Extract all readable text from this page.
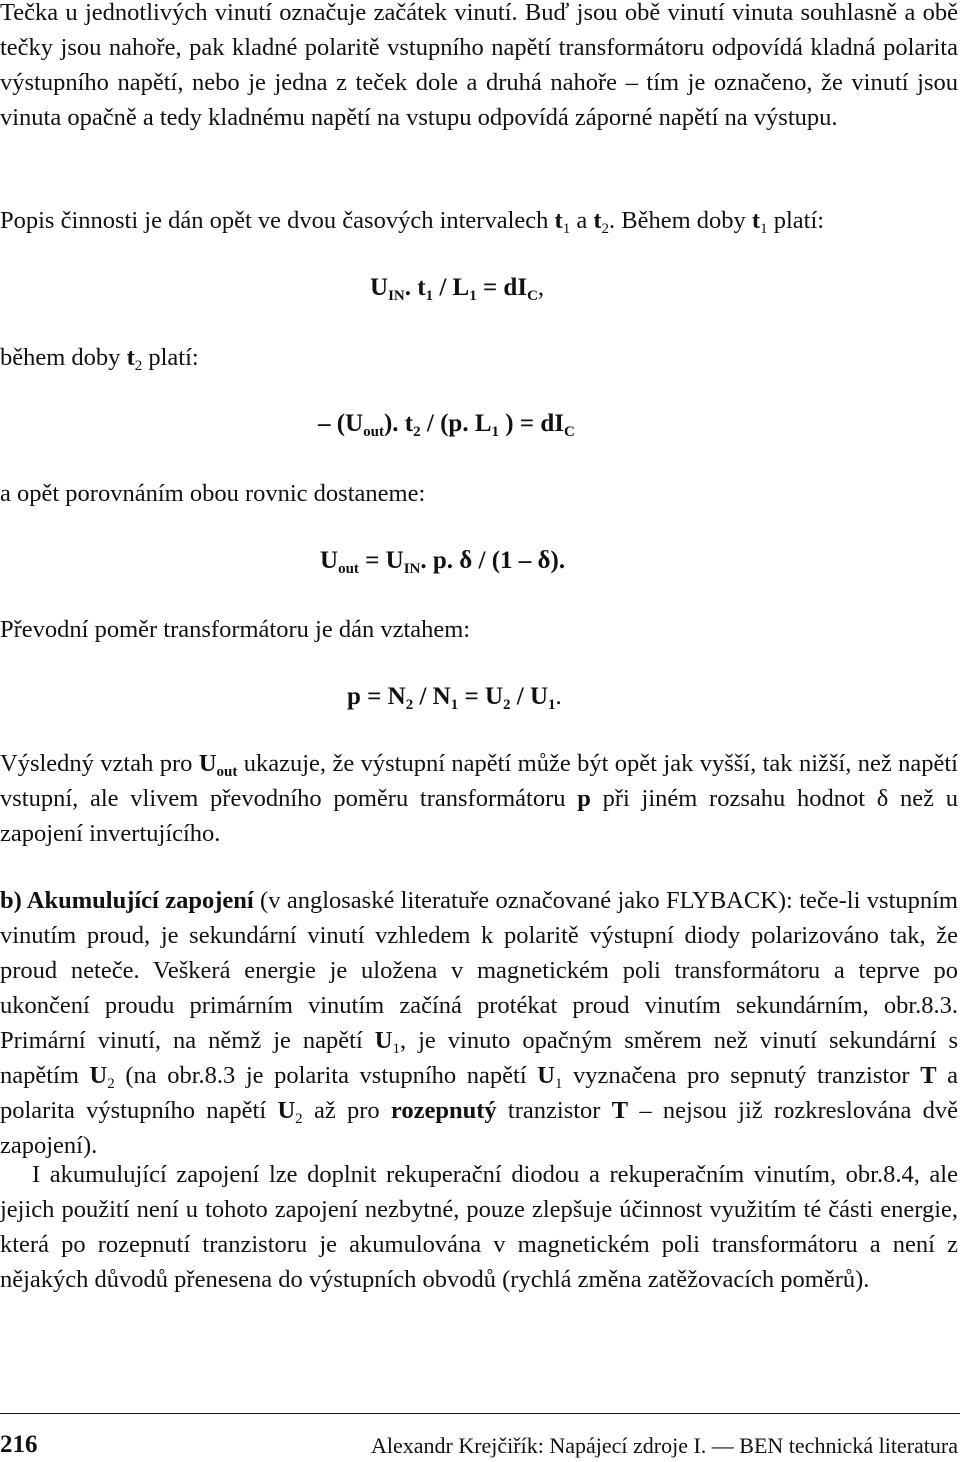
Tečka u jednotlivých vinutí označuje začátek vinutí. Buď jsou obě vinutí vinuta souhlasně a obě tečky jsou nahoře, pak kladné polaritě vstupního napětí transformátoru odpovídá kladná polarita výstupního napětí, nebo je jedna z teček dole a druhá nahoře – tím je označeno, že vinutí jsou vinuta opačně a tedy kladnému napětí na vstupu odpovídá záporné napětí na výstupu.

Popis činnosti je dán opět ve dvou časových intervalech $t_1$ a $t_2$. Během doby $t_1$ platí:

$U_{IN}$. $t_1 / L_1 = dI_C$,

během doby $t_2$ platí:

– $(U_{out})$. $t_2 / (p$. $L_1$ ) = $dI_C$

a opět porovnáním obou rovnic dostaneme:

$U_{out} = U_{IN}$. p. δ / (1 – δ).

Převodní poměr transformátoru je dán vztahem:

$p = N_2 / N_1 = U_2 / U_1$.

Výsledný vztah pro $U_{out}$ ukazuje, že výstupní napětí může být opět jak vyšší, tak nižší, než napětí vstupní, ale vlivem převodního poměru transformátoru p při jiném rozsahu hodnot δ než u zapojení invertujícího.

b) Akumulující zapojení (v anglosaské literatuře označované jako FLYBACK): teče-li vstupním vinutím proud, je sekundární vinutí vzhledem k polaritě výstupní diody polarizováno tak, že proud neteče. Veškerá energie je uložena v magnetickém poli transformátoru a teprve po ukončení proudu primárním vinutím začíná protékat proud vinutím sekundárním, obr.8.3. Primární vinutí, na němž je napětí $U_1$, je vinuto opačným směrem než vinutí sekundární s napětím $U_2$ (na obr.8.3 je polarita vstupního napětí $U_1$ vyznačena pro sepnutý tranzistor T a polarita výstupního napětí $U_2$ až pro rozepnutý tranzistor T – nejsou již rozkreslována dvě zapojení).

I akumulující zapojení lze doplnit rekuperační diodou a rekuperačním vinutím, obr.8.4, ale jejich použití není u tohoto zapojení nezbytné, pouze zlepšuje účinnost využitím té části energie, která po rozepnutí tranzistoru je akumulována v magnetickém poli transformátoru a není z nějakých důvodů přenesena do výstupních obvodů (rychlá změna zatěžovacích poměrů).

216	Alexandr Krejčiřík: Napájecí zdroje I. — BEN technická literatura
